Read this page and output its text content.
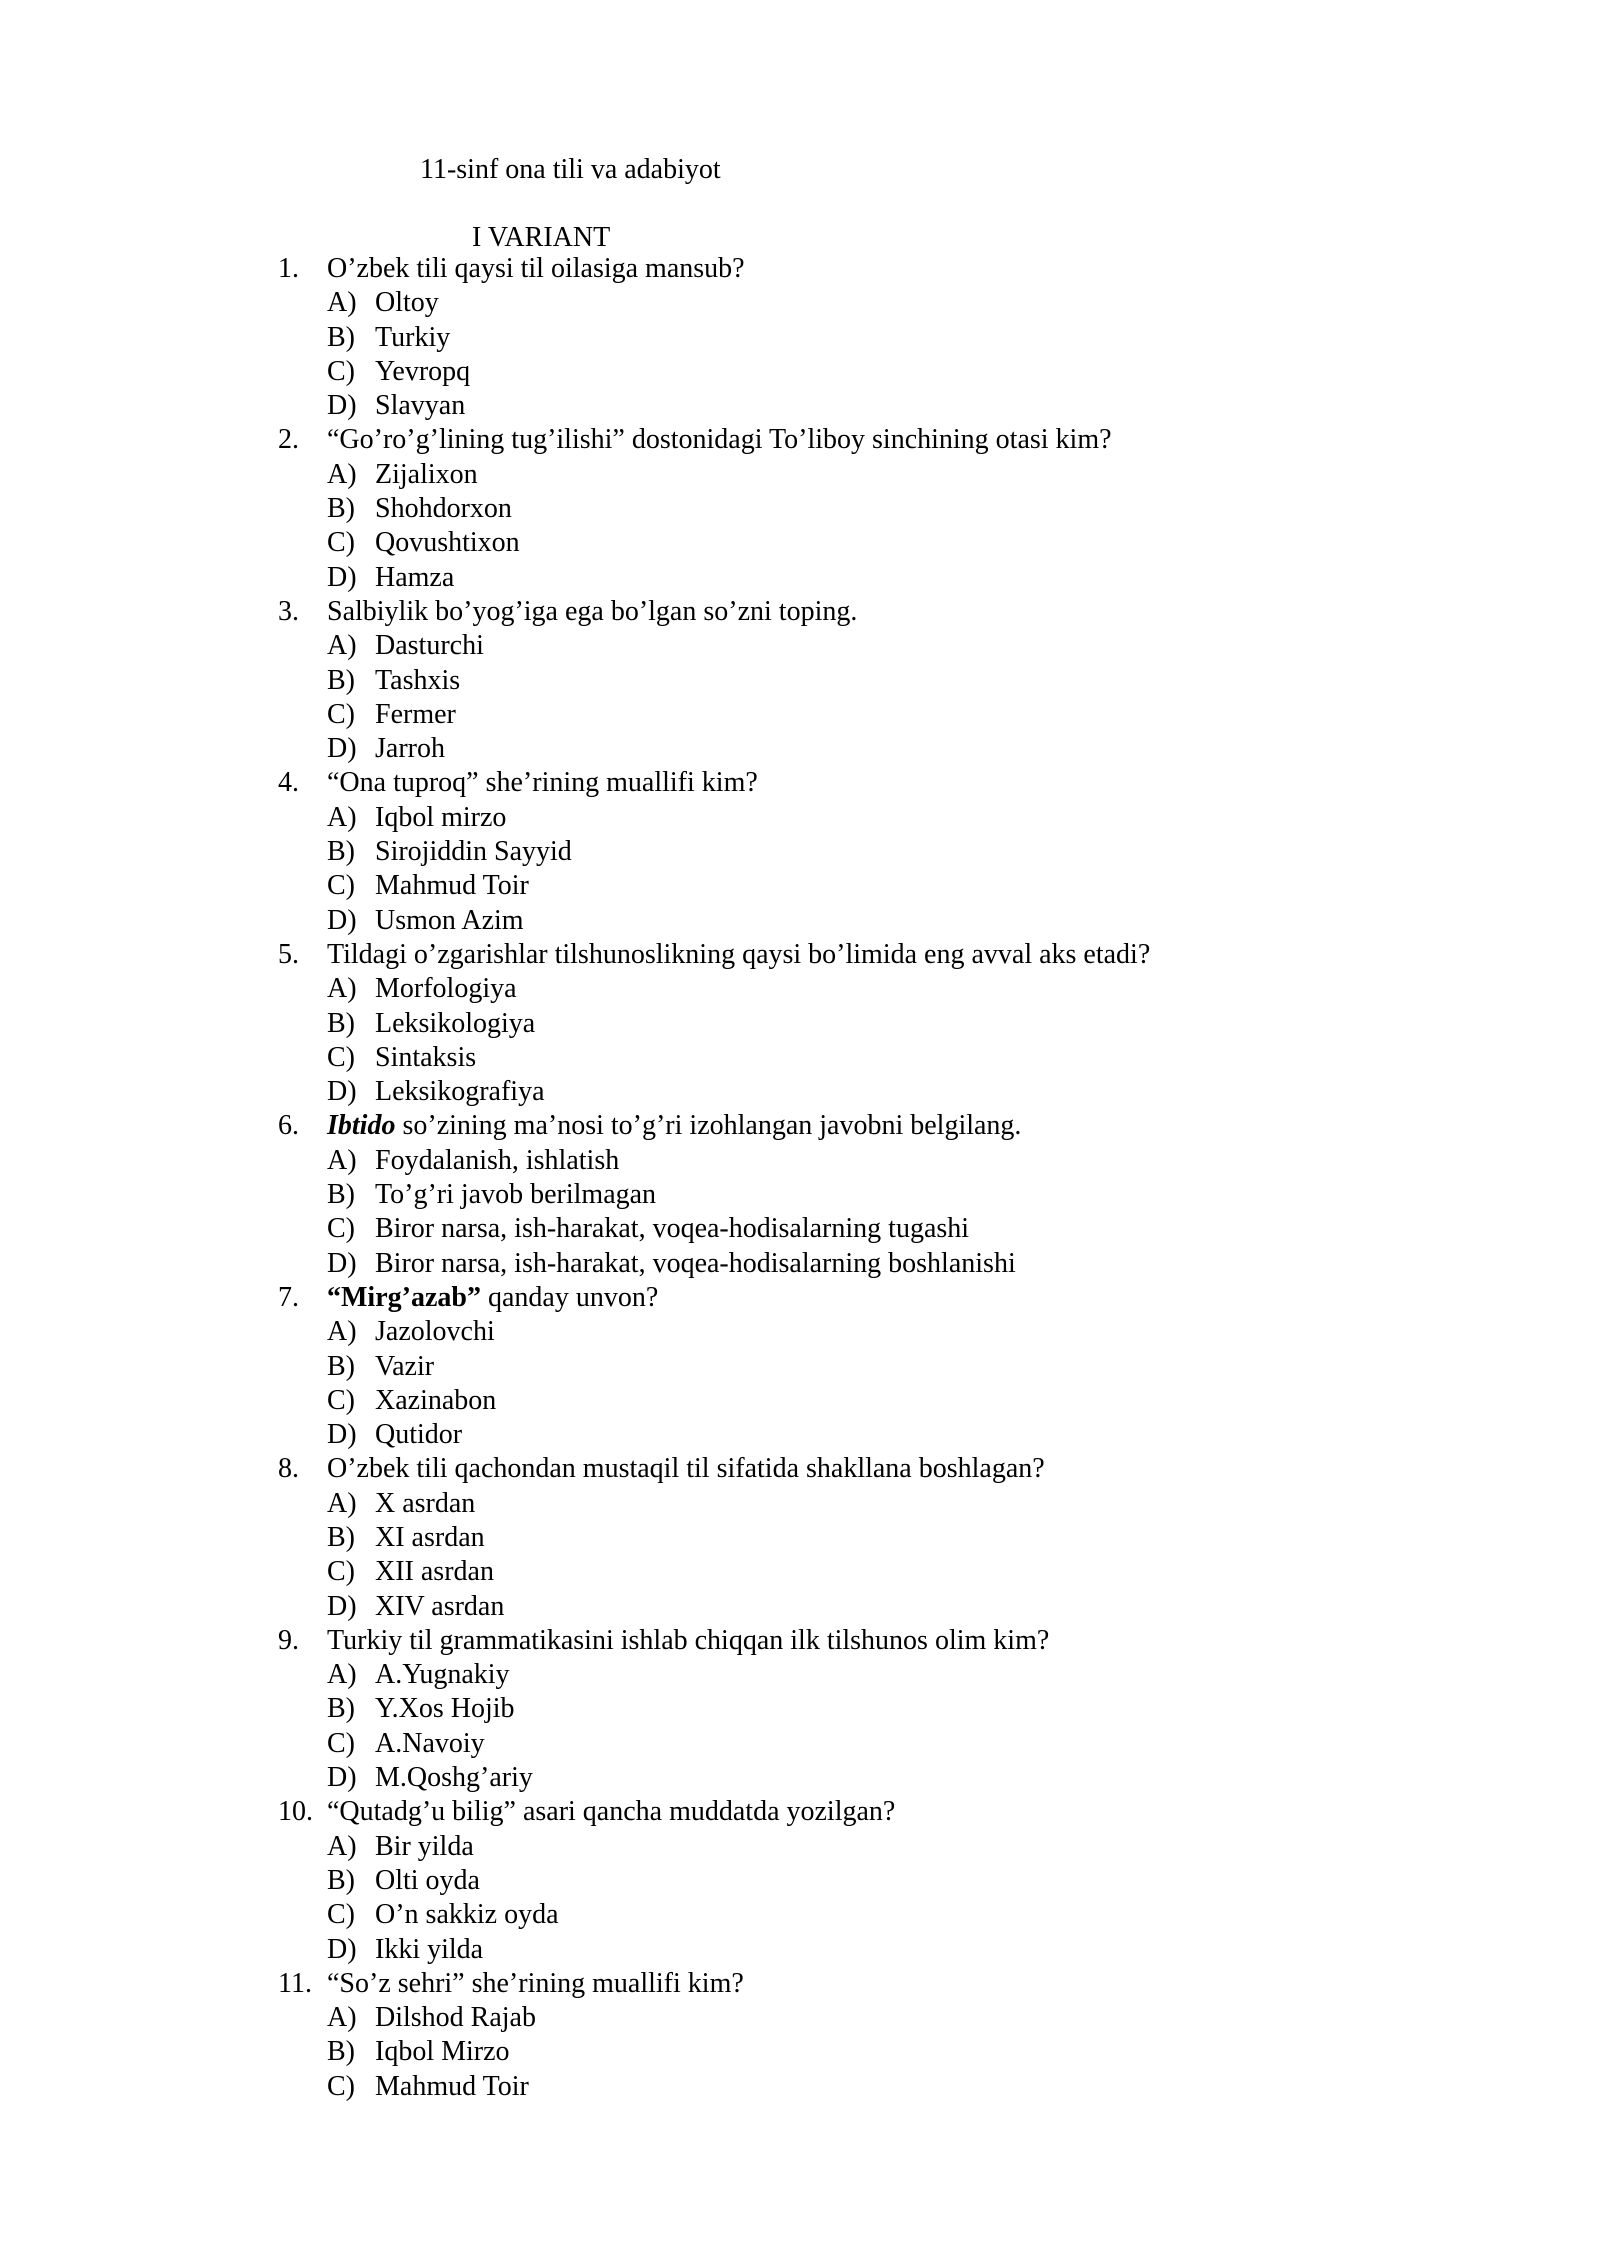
11-sinf ona tili va adabiyot
I VARIANT
1. O’zbek tili qaysi til oilasiga mansub?
A) Oltoy
B) Turkiy
C) Yevropq
D) Slavyan
2. “Go’ro’g’lining tug’ilishi” dostonidagi To’liboy sinchining otasi kim?
A) Zijalixon
B) Shohdorxon
C) Qovushtixon
D) Hamza
3. Salbiylik bo’yog’iga ega bo’lgan so’zni toping.
A) Dasturchi
B) Tashxis
C) Fermer
D) Jarroh
4. “Ona tuproq” she’rining muallifi kim?
A) Iqbol mirzo
B) Sirojiddin Sayyid
C) Mahmud Toir
D) Usmon Azim
5. Tildagi o’zgarishlar tilshunoslikning qaysi bo’limida eng avval aks etadi?
A) Morfologiya
B) Leksikologiya
C) Sintaksis
D) Leksikografiya
6. Ibtido so’zining ma’nosi to’g’ri izohlangan javobni belgilang.
A) Foydalanish, ishlatish
B) To’g’ri javob berilmagan
C) Biror narsa, ish-harakat, voqea-hodisalarning tugashi
D) Biror narsa, ish-harakat, voqea-hodisalarning boshlanishi
7. “Mirg’azab” qanday unvon?
A) Jazolovchi
B) Vazir
C) Xazinabon
D) Qutidor
8. O’zbek tili qachondan mustaqil til sifatida shakllana boshlagan?
A) X asrdan
B) XI asrdan
C) XII asrdan
D) XIV asrdan
9. Turkiy til grammatikasini ishlab chiqqan ilk tilshunos olim kim?
A) A.Yugnakiy
B) Y.Xos Hojib
C) A.Navoiy
D) M.Qoshg’ariy
10. “Qutadg’u bilig” asari qancha muddatda yozilgan?
A) Bir yilda
B) Olti oyda
C) O’n sakkiz oyda
D) Ikki yilda
11. “So’z sehri” she’rining muallifi kim?
A) Dilshod Rajab
B) Iqbol Mirzo
C) Mahmud Toir
